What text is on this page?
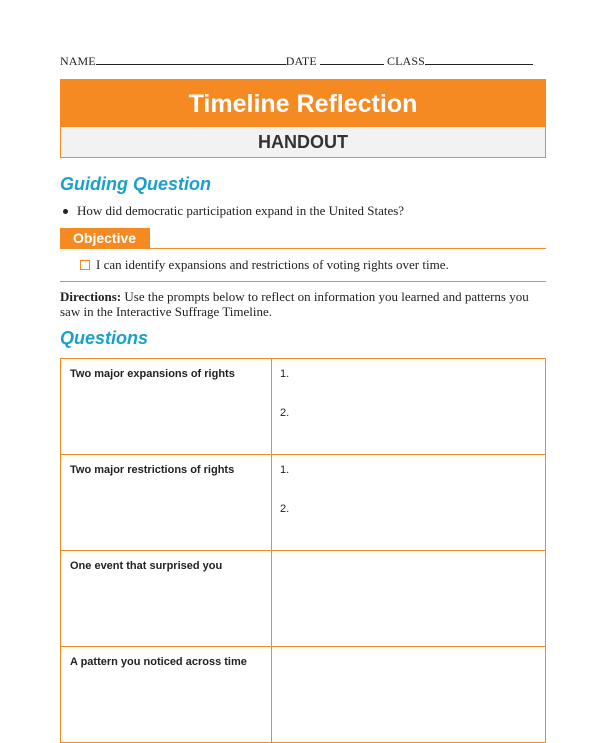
NAME	DATE	CLASS
Timeline Reflection
HANDOUT
Guiding Question
How did democratic participation expand in the United States?
Objective
I can identify expansions and restrictions of voting rights over time.
Directions: Use the prompts below to reflect on information you learned and patterns you saw in the Interactive Suffrage Timeline.
Questions
Two major expansions of rights	1.
2.

Two major restrictions of rights	1.
2.

One event that surprised you	
A pattern you noticed across time	
